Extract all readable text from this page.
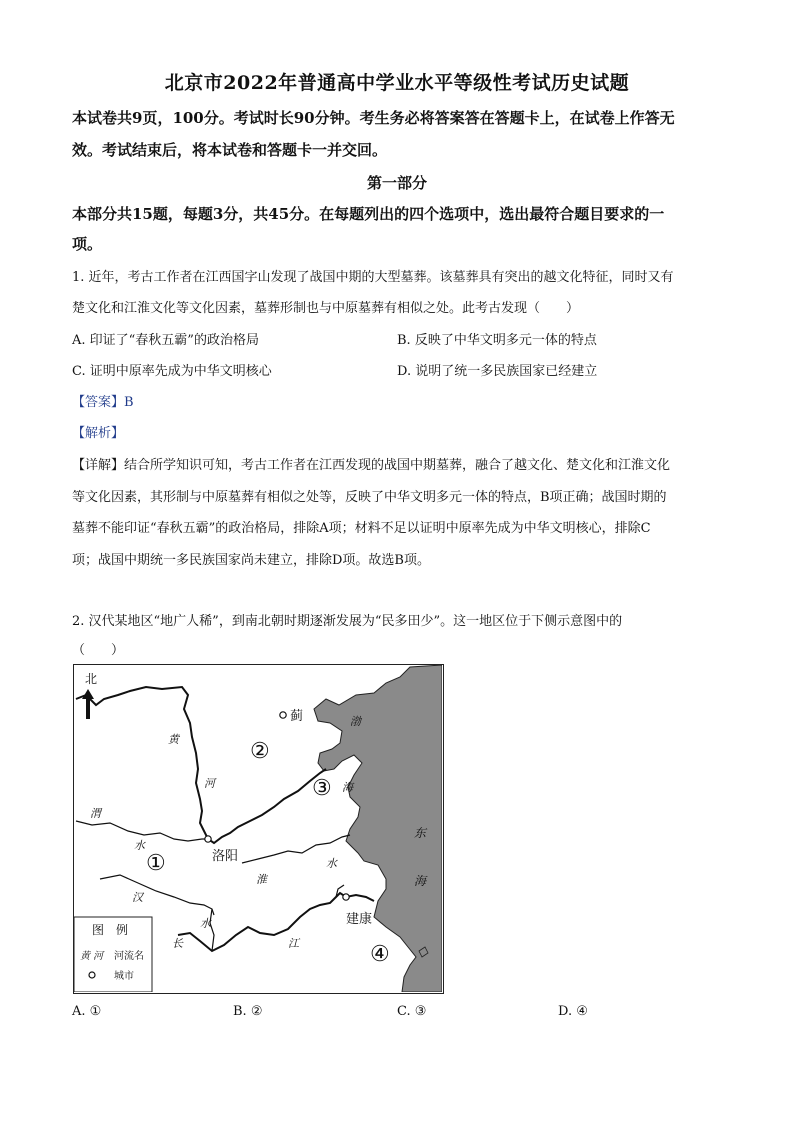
北京市2022年普通高中学业水平等级性考试历史试题
本试卷共9页，100分。考试时长90分钟。考生务必将答案答在答题卡上，在试卷上作答无
效。考试结束后，将本试卷和答题卡一并交回。
第一部分
本部分共15题，每题3分，共45分。在每题列出的四个选项中，选出最符合题目要求的一
项。
1. 近年，考古工作者在江西国字山发现了战国中期的大型墓葬。该墓葬具有突出的越文化特征，同时又有
楚文化和江淮文化等文化因素，墓葬形制也与中原墓葬有相似之处。此考古发现（　　）
A. 印证了“春秋五霸”的政治格局	B. 反映了中华文明多元一体的特点
C. 证明中原率先成为中华文明核心	D. 说明了统一多民族国家已经建立
【答案】B
【解析】
【详解】结合所学知识可知，考古工作者在江西发现的战国中期墓葬，融合了越文化、楚文化和江淮文化
等文化因素，其形制与中原墓葬有相似之处等，反映了中华文明多元一体的特点，B项正确；战国时期的
墓葬不能印证“春秋五霸”的政治格局，排除A项；材料不足以证明中原率先成为中华文明核心，排除C
项；战国中期统一多民族国家尚未建立，排除D项。故选B项。
2. 汉代某地区“地广人稀”，到南北朝时期逐渐发展为“民多田少”。这一地区位于下侧示意图中的
（　　）
北
蓟
洛阳
建康
②
③
①
④
渤
海
东
海
黄
河
渭
水
水
淮
汉
水
长	江
图　例
黄 河 河流名
城市
A. ①	B. ②	C. ③	D. ④
